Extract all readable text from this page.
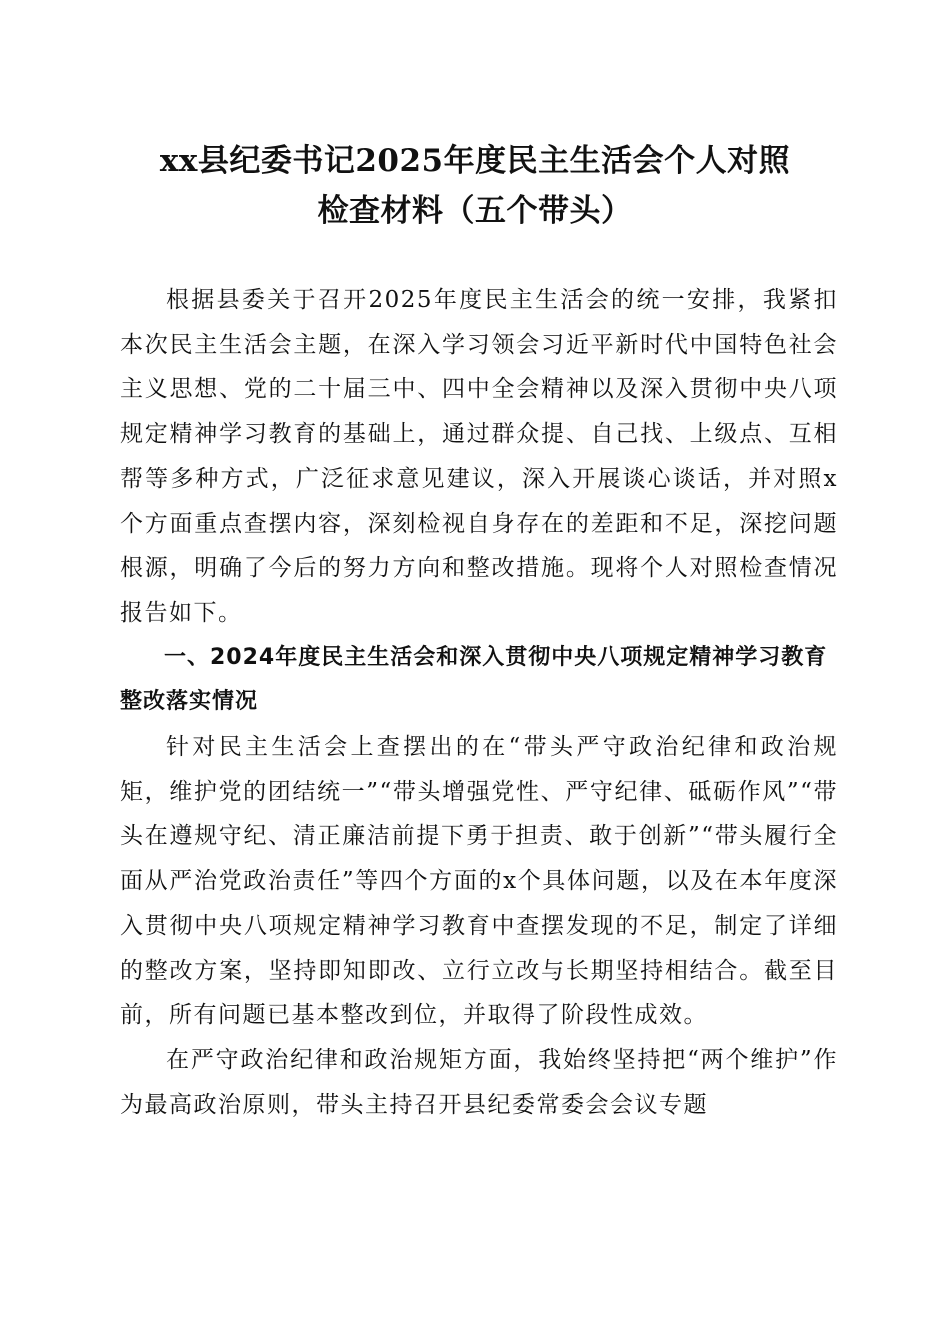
xx县纪委书记2025年度民主生活会个人对照
检查材料（五个带头）

根据县委关于召开2025年度民主生活会的统一安排，我紧扣本次民主生活会主题，在深入学习领会习近平新时代中国特色社会主义思想、党的二十届三中、四中全会精神以及深入贯彻中央八项规定精神学习教育的基础上，通过群众提、自己找、上级点、互相帮等多种方式，广泛征求意见建议，深入开展谈心谈话，并对照x个方面重点查摆内容，深刻检视自身存在的差距和不足，深挖问题根源，明确了今后的努力方向和整改措施。现将个人对照检查情况报告如下。

一、2024年度民主生活会和深入贯彻中央八项规定精神学习教育整改落实情况

针对民主生活会上查摆出的在“带头严守政治纪律和政治规矩，维护党的团结统一”“带头增强党性、严守纪律、砥砺作风”“带头在遵规守纪、清正廉洁前提下勇于担责、敢于创新”“带头履行全面从严治党政治责任”等四个方面的x个具体问题，以及在本年度深入贯彻中央八项规定精神学习教育中查摆发现的不足，制定了详细的整改方案，坚持即知即改、立行立改与长期坚持相结合。截至目前，所有问题已基本整改到位，并取得了阶段性成效。

在严守政治纪律和政治规矩方面，我始终坚持把“两个维护”作为最高政治原则，带头主持召开县纪委常委会会议专题
